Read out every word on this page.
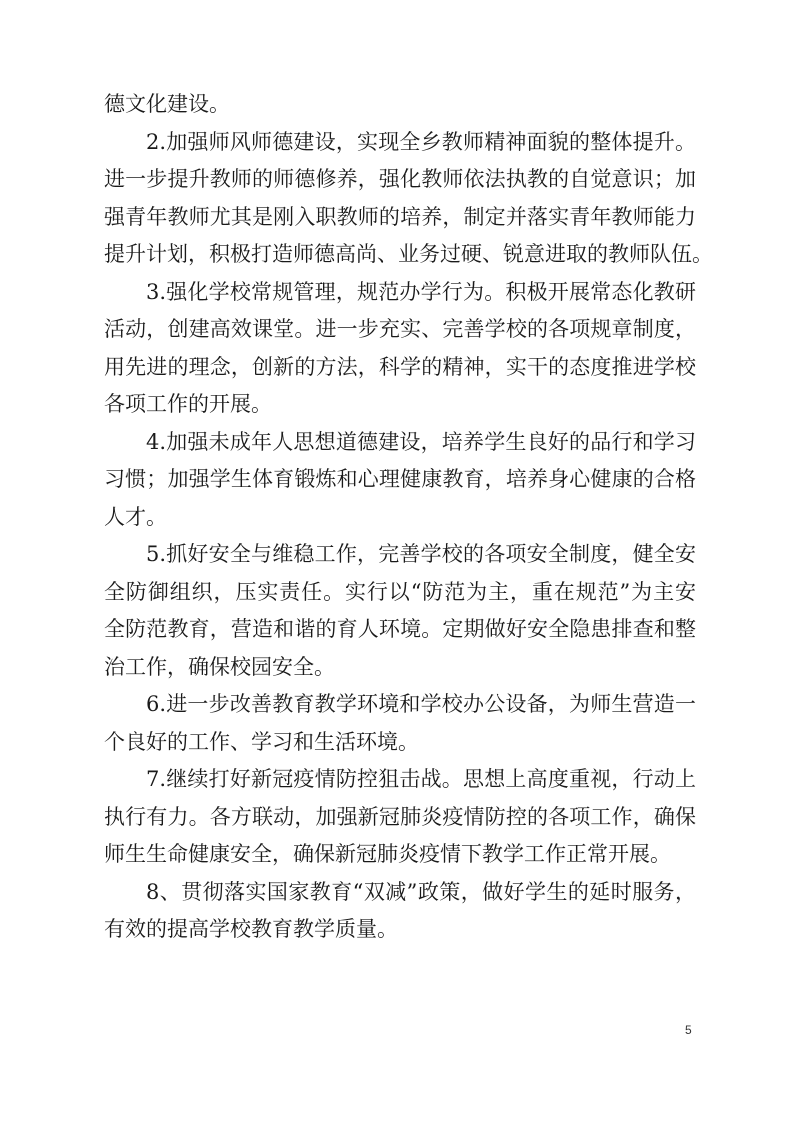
德文化建设。
2.加强师风师德建设，实现全乡教师精神面貌的整体提升。
进一步提升教师的师德修养，强化教师依法执教的自觉意识；加
强青年教师尤其是刚入职教师的培养，制定并落实青年教师能力
提升计划，积极打造师德高尚、业务过硬、锐意进取的教师队伍。
3.强化学校常规管理，规范办学行为。积极开展常态化教研
活动，创建高效课堂。进一步充实、完善学校的各项规章制度，
用先进的理念，创新的方法，科学的精神，实干的态度推进学校
各项工作的开展。
4.加强未成年人思想道德建设，培养学生良好的品行和学习
习惯；加强学生体育锻炼和心理健康教育，培养身心健康的合格
人才。
5.抓好安全与维稳工作，完善学校的各项安全制度，健全安
全防御组织，压实责任。实行以“防范为主，重在规范”为主安
全防范教育，营造和谐的育人环境。定期做好安全隐患排查和整
治工作，确保校园安全。
6.进一步改善教育教学环境和学校办公设备，为师生营造一
个良好的工作、学习和生活环境。
7.继续打好新冠疫情防控狙击战。思想上高度重视，行动上
执行有力。各方联动，加强新冠肺炎疫情防控的各项工作，确保
师生生命健康安全，确保新冠肺炎疫情下教学工作正常开展。
8、贯彻落实国家教育“双减”政策，做好学生的延时服务，
有效的提高学校教育教学质量。
5
